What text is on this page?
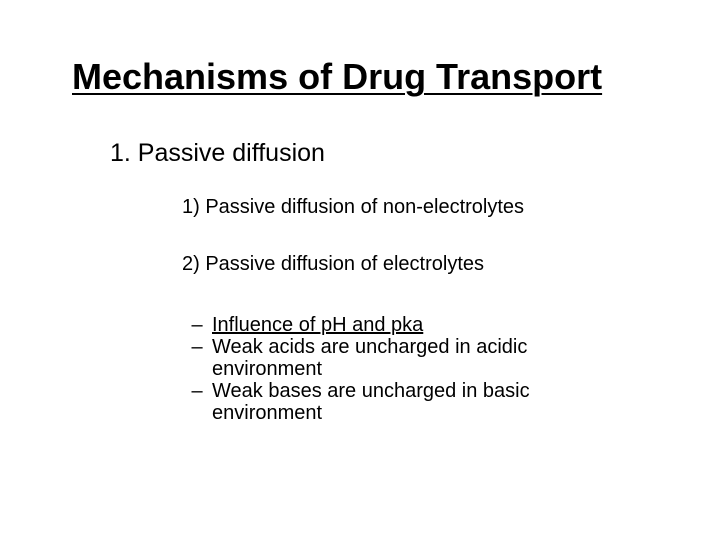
Mechanisms of Drug Transport
1. Passive diffusion
1) Passive diffusion of non-electrolytes
2) Passive diffusion of electrolytes
– Influence of pH and pka
– Weak acids are uncharged in acidic environment
– Weak bases are uncharged in basic environment
